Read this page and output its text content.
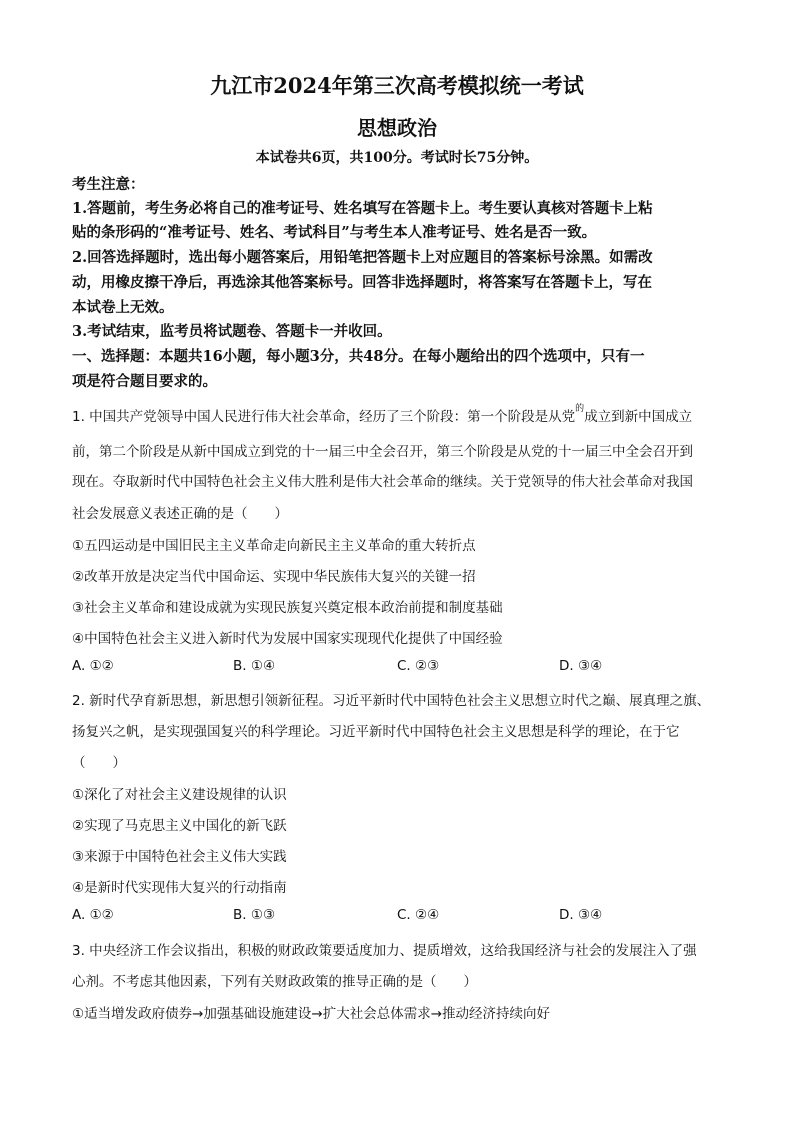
九江市2024年第三次高考模拟统一考试
思想政治
本试卷共6页，共100分。考试时长75分钟。
考生注意：
1.答题前，考生务必将自己的准考证号、姓名填写在答题卡上。考生要认真核对答题卡上粘
贴的条形码的“准考证号、姓名、考试科目”与考生本人准考证号、姓名是否一致。
2.回答选择题时，选出每小题答案后，用铅笔把答题卡上对应题目的答案标号涂黑。如需改
动，用橡皮擦干净后，再选涂其他答案标号。回答非选择题时，将答案写在答题卡上，写在
本试卷上无效。
3.考试结束，监考员将试题卷、答题卡一并收回。
一、选择题：本题共16小题，每小题3分，共48分。在每小题给出的四个选项中，只有一
项是符合题目要求的。
1. 中国共产党领导中国人民进行伟大社会革命，经历了三个阶段：第一个阶段是从党$^的$成立到新中国成立
前，第二个阶段是从新中国成立到党的十一届三中全会召开，第三个阶段是从党的十一届三中全会召开到
现在。夺取新时代中国特色社会主义伟大胜利是伟大社会革命的继续。关于党领导的伟大社会革命对我国
社会发展意义表述正确的是（　　）
①五四运动是中国旧民主主义革命走向新民主主义革命的重大转折点
②改革开放是决定当代中国命运、实现中华民族伟大复兴的关键一招
③社会主义革命和建设成就为实现民族复兴奠定根本政治前提和制度基础
④中国特色社会主义进入新时代为发展中国家实现现代化提供了中国经验
A. ①②	B. ①④	C. ②③	D. ③④
2. 新时代孕育新思想，新思想引领新征程。习近平新时代中国特色社会主义思想立时代之巅、展真理之旗、
扬复兴之帆，是实现强国复兴的科学理论。习近平新时代中国特色社会主义思想是科学的理论，在于它
（　　）
①深化了对社会主义建设规律的认识
②实现了马克思主义中国化的新飞跃
③来源于中国特色社会主义伟大实践
④是新时代实现伟大复兴的行动指南
A. ①②	B. ①③	C. ②④	D. ③④
3. 中央经济工作会议指出，积极的财政政策要适度加力、提质增效，这给我国经济与社会的发展注入了强
心剂。不考虑其他因素，下列有关财政政策的推导正确的是（　　）
①适当增发政府债券→加强基础设施建设→扩大社会总体需求→推动经济持续向好
